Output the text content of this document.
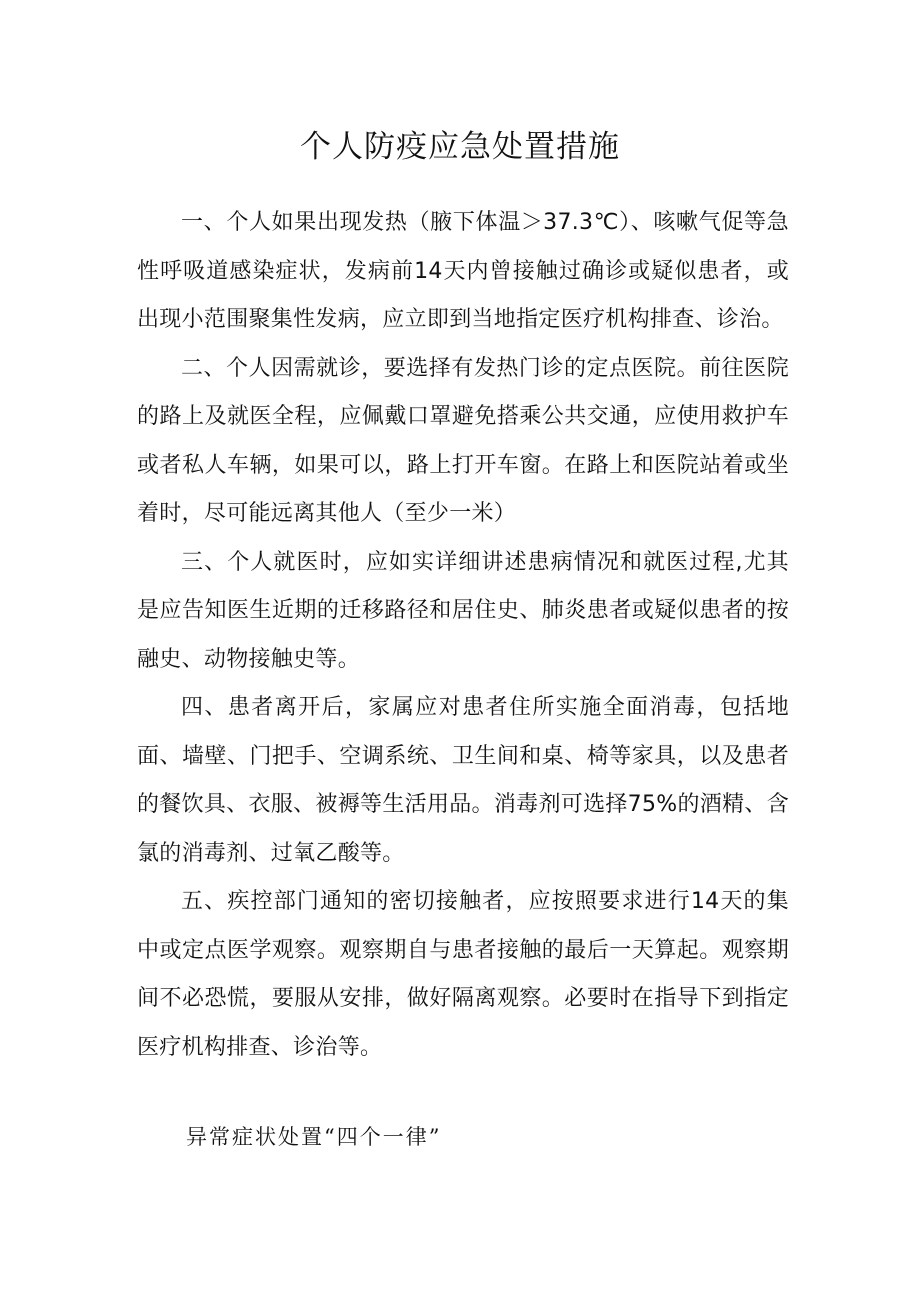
个人防疫应急处置措施

一、个人如果出现发热（腋下体温＞37.3℃）、咳嗽气促等急性呼吸道感染症状，发病前14天内曾接触过确诊或疑似患者，或出现小范围聚集性发病，应立即到当地指定医疗机构排查、诊治。

二、个人因需就诊，要选择有发热门诊的定点医院。前往医院的路上及就医全程，应佩戴口罩避免搭乘公共交通，应使用救护车或者私人车辆，如果可以，路上打开车窗。在路上和医院站着或坐着时，尽可能远离其他人（至少一米）

三、个人就医时，应如实详细讲述患病情况和就医过程,尤其是应告知医生近期的迁移路径和居住史、肺炎患者或疑似患者的按融史、动物接触史等。

四、患者离开后，家属应对患者住所实施全面消毒，包括地面、墙壁、门把手、空调系统、卫生间和桌、椅等家具，以及患者的餐饮具、衣服、被褥等生活用品。消毒剂可选择75%的酒精、含氯的消毒剂、过氧乙酸等。

五、疾控部门通知的密切接触者，应按照要求进行14天的集中或定点医学观察。观察期自与患者接触的最后一天算起。观察期间不必恐慌，要服从安排，做好隔离观察。必要时在指导下到指定医疗机构排查、诊治等。

异常症状处置“四个一律”
